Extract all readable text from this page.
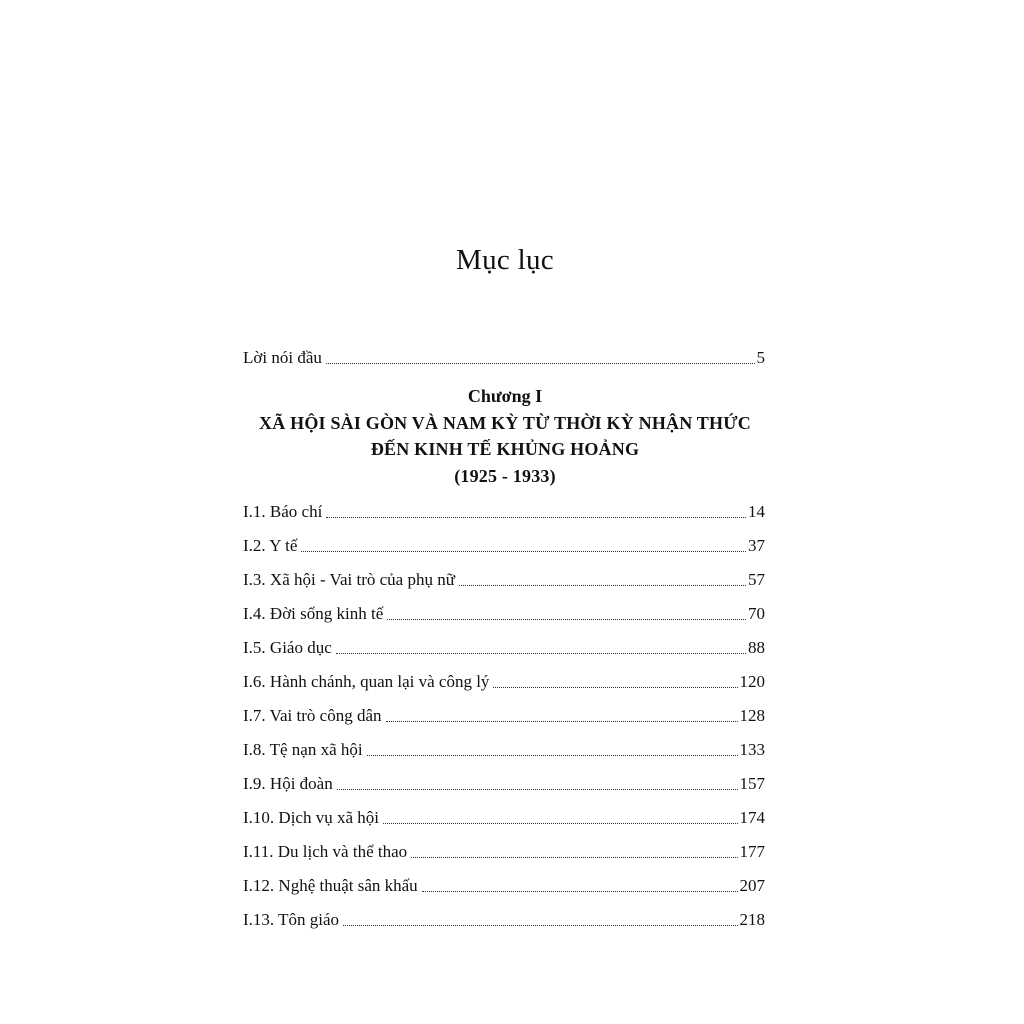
Mục lục
Lời nói đầu	5
Chương I
XÃ HỘI SÀI GÒN VÀ NAM KỲ TỪ THỜI KỲ NHẬN THỨC
ĐẾN KINH TẾ KHỦNG HOẢNG
(1925 - 1933)
I.1. Báo chí	14
I.2. Y tế	37
I.3. Xã hội - Vai trò của phụ nữ	57
I.4. Đời sống kinh tế	70
I.5. Giáo dục	88
I.6. Hành chánh, quan lại và công lý	120
I.7. Vai trò công dân	128
I.8. Tệ nạn xã hội	133
I.9. Hội đoàn	157
I.10. Dịch vụ xã hội	174
I.11. Du lịch và thể thao	177
I.12. Nghệ thuật sân khấu	207
I.13. Tôn giáo	218
